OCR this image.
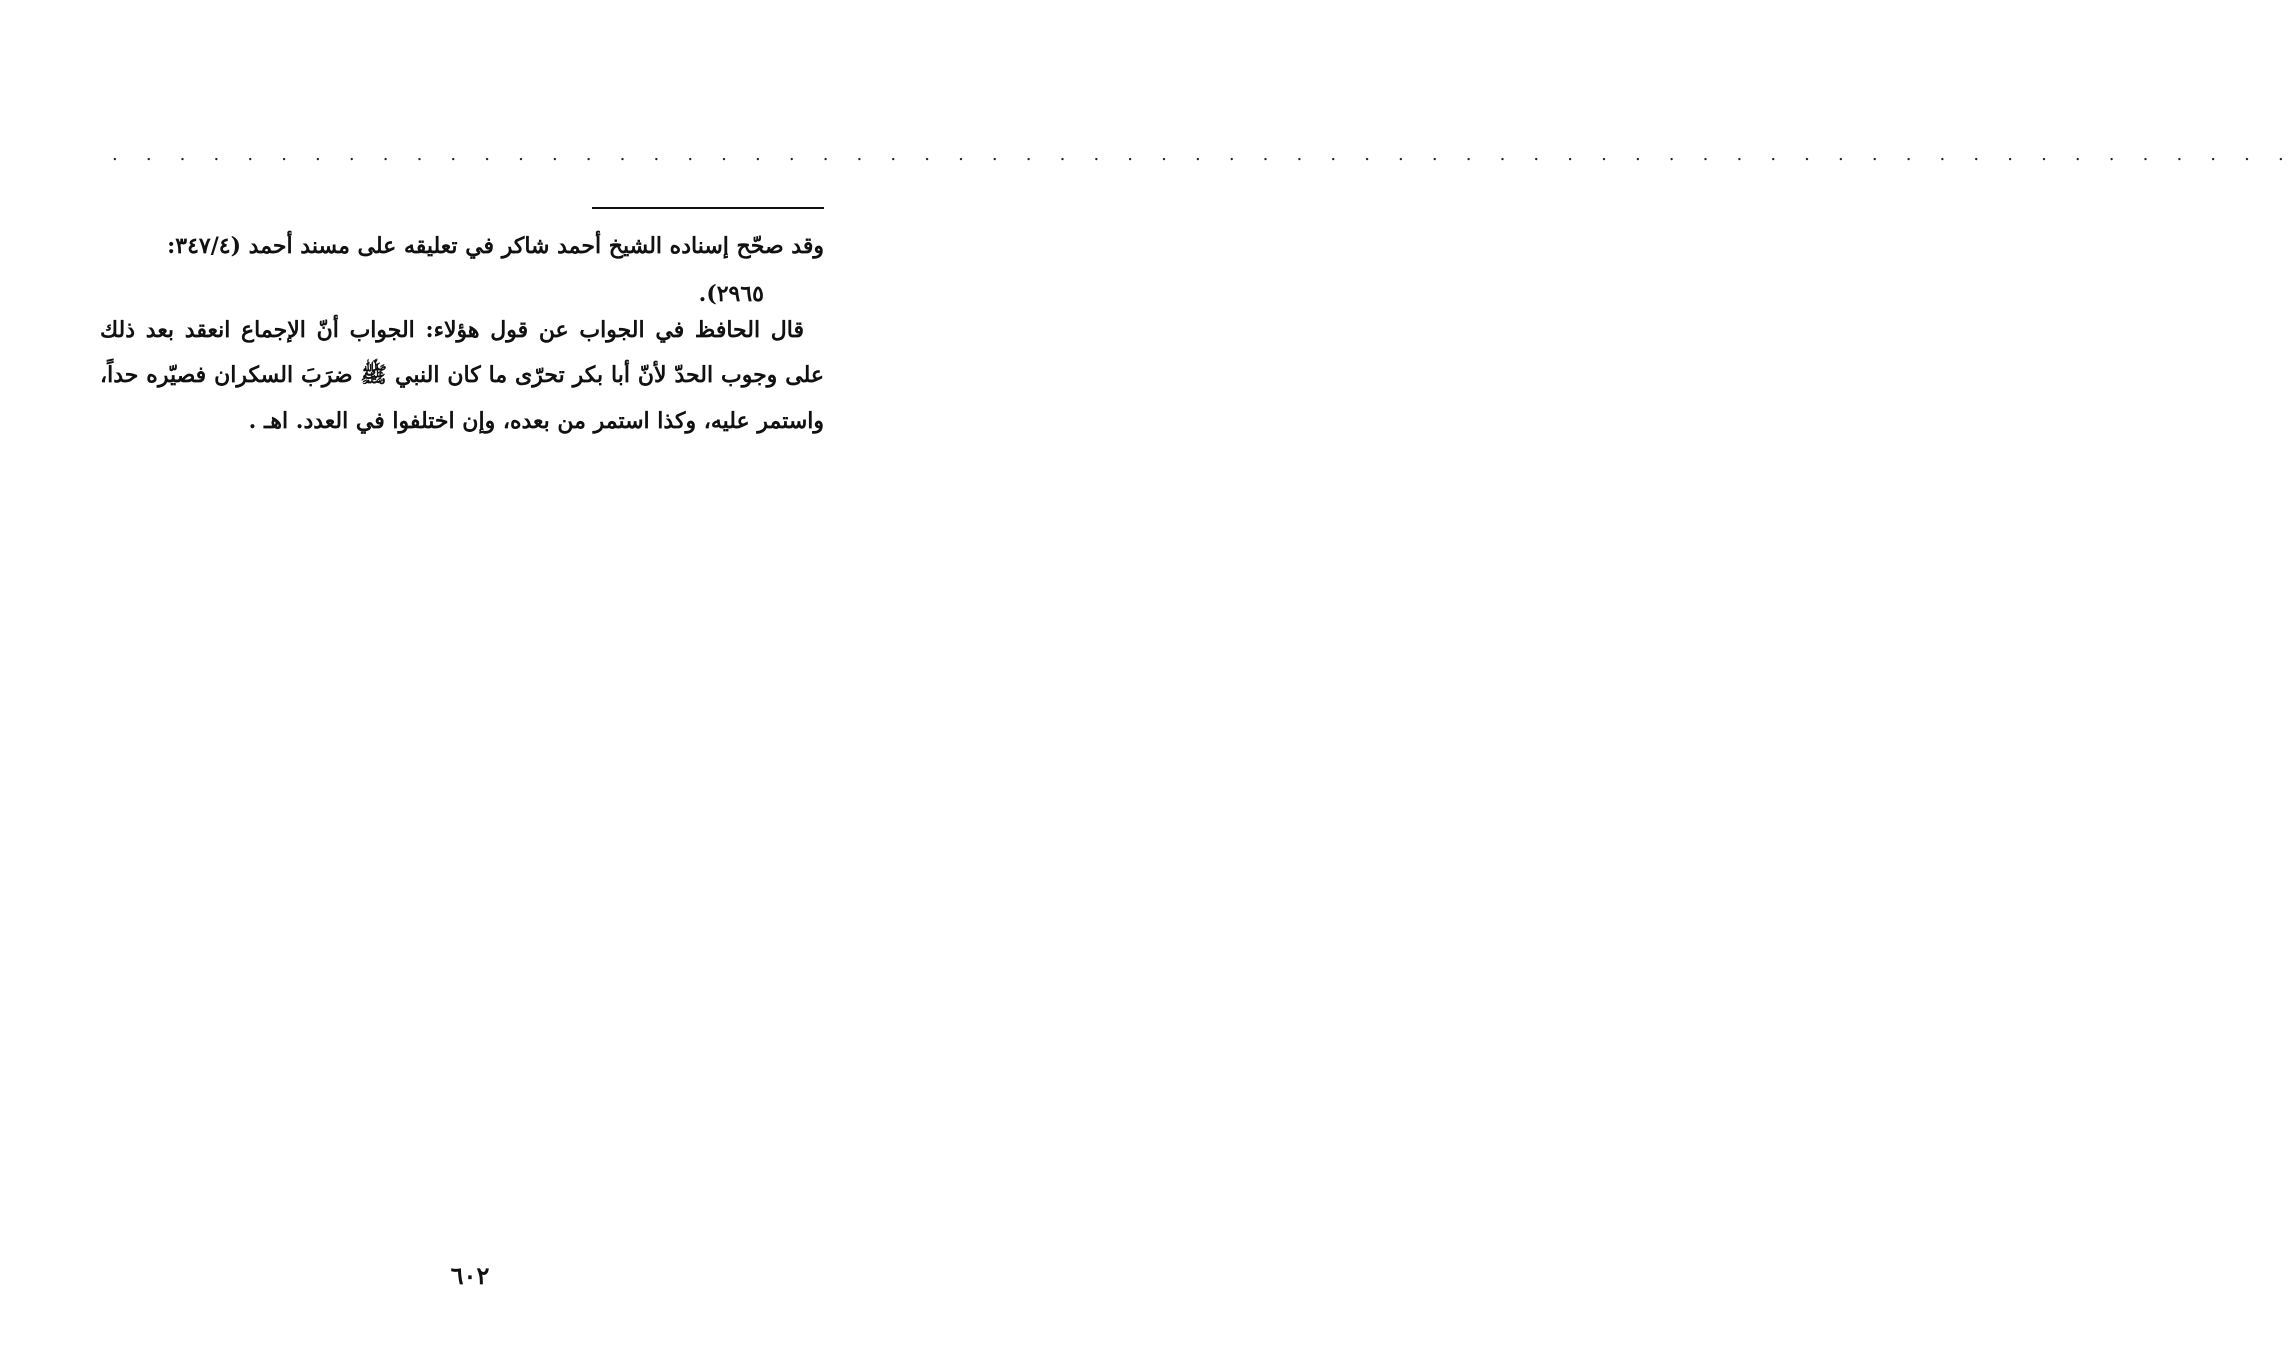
. . . . . . . . . . . . . . . . . . . . . . . . . . . . . . . . . . . . . . . . . . . . . . . . . . . . . . . . . . . . . . . . .
وقد صحّح إسناده الشيخ أحمد شاكر في تعليقه على مسند أحمد (٣٤٧/٤:
٢٩٦٥).
قال الحافظ في الجواب عن قول هؤلاء: الجواب أنّ الإجماع انعقد بعد ذلك
على وجوب الحدّ لأنّ أبا بكر تحرّى ما كان النبي ﷺ ضرَبَ السكران فصيّره حداً،
واستمر عليه، وكذا استمر من بعده، وإن اختلفوا في العدد. اهـ .
٦٠٢
